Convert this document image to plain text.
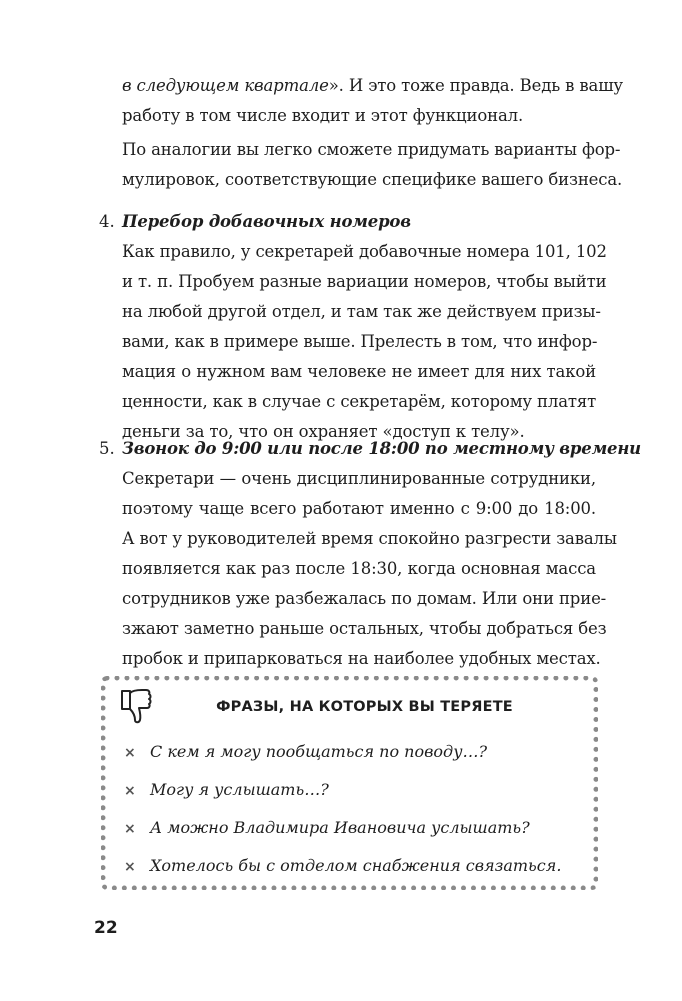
в следующем квартале». И это тоже правда. Ведь в вашу
работу в том числе входит и этот функционал.
По аналогии вы легко сможете придумать варианты фор-
мулировок, соответствующие специфике вашего бизнеса.
4. Перебор добавочных номеров
Как правило, у секретарей добавочные номера 101, 102
и т. п. Пробуем разные вариации номеров, чтобы выйти
на любой другой отдел, и там так же действуем призы-
вами, как в примере выше. Прелесть в том, что инфор-
мация о нужном вам человеке не имеет для них такой
ценности, как в случае с секретарём, которому платят
деньги за то, что он охраняет «доступ к телу».
5. Звонок до 9:00 или после 18:00 по местному времени
Секретари — очень дисциплинированные сотрудники,
поэтому чаще всего работают именно с 9:00 до 18:00.
А вот у руководителей время спокойно разгрести завалы
появляется как раз после 18:30, когда основная масса
сотрудников уже разбежалась по домам. Или они прие-
зжают заметно раньше остальных, чтобы добраться без
пробок и припарковаться на наиболее удобных местах.
ФРАЗЫ, НА КОТОРЫХ ВЫ ТЕРЯЕТЕ
× С кем я могу пообщаться по поводу…?
× Могу я услышать…?
× А можно Владимира Ивановича услышать?
× Хотелось бы с отделом снабжения связаться.
22
